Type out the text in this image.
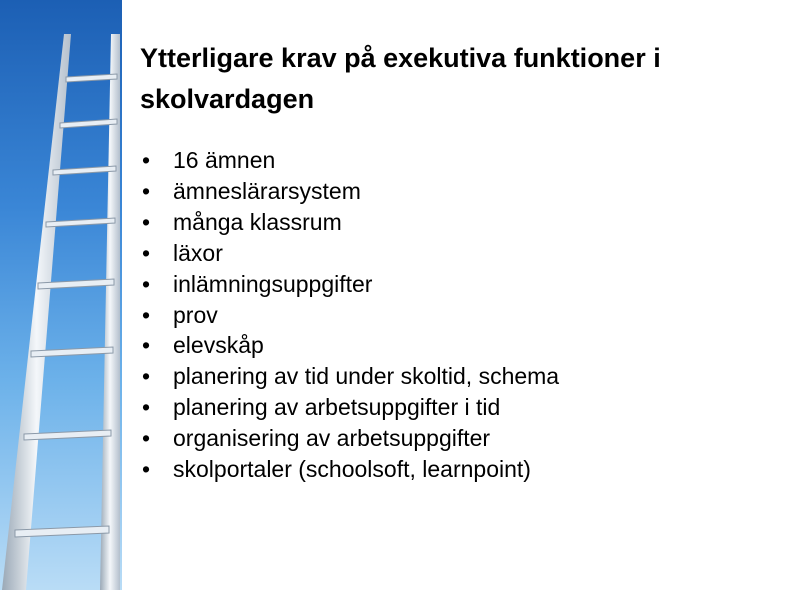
Ytterligare krav på exekutiva funktioner i skolvardagen
• 16 ämnen
• ämneslärarsystem
• många klassrum
• läxor
• inlämningsuppgifter
• prov
• elevskåp
• planering av tid under skoltid, schema
• planering av arbetsuppgifter i tid
• organisering av arbetsuppgifter
• skolportaler (schoolsoft, learnpoint)
